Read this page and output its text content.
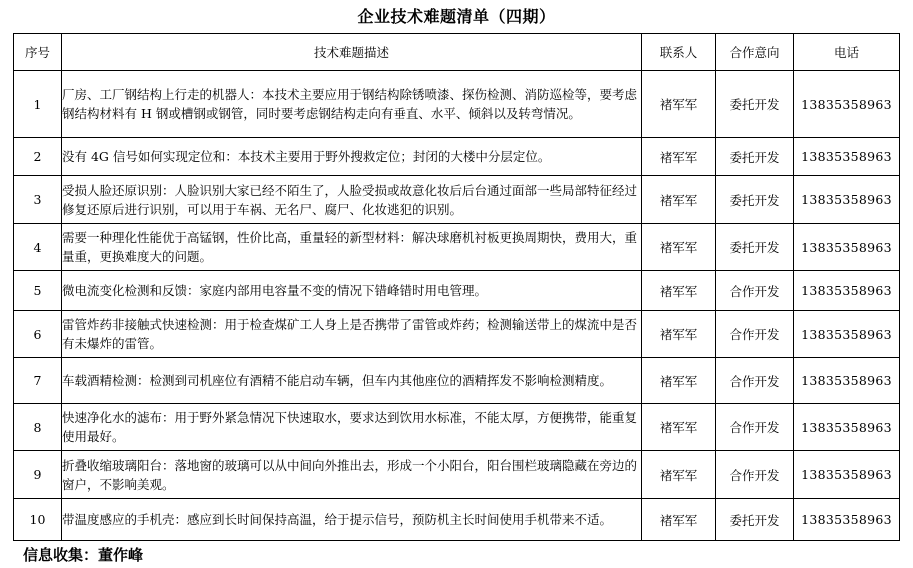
企业技术难题清单（四期）
序号	技术难题描述	联系人	合作意向	电话
1	厂房、工厂钢结构上行走的机器人：本技术主要应用于钢结构除锈喷漆、探伤检测、消防巡检等，要考虑钢结构材料有 H 钢或槽钢或钢管，同时要考虑钢结构走向有垂直、水平、倾斜以及转弯情况。	褚军军	委托开发	13835358963
2	没有 4G 信号如何实现定位和：本技术主要用于野外搜救定位；封闭的大楼中分层定位。	褚军军	委托开发	13835358963
3	受损人脸还原识别：人脸识别大家已经不陌生了，人脸受损或故意化妆后后台通过面部一些局部特征经过修复还原后进行识别，可以用于车祸、无名尸、腐尸、化妆逃犯的识别。	褚军军	委托开发	13835358963
4	需要一种理化性能优于高锰钢，性价比高，重量轻的新型材料：解决球磨机衬板更换周期快，费用大，重量重，更换难度大的问题。	褚军军	委托开发	13835358963
5	微电流变化检测和反馈：家庭内部用电容量不变的情况下错峰错时用电管理。	褚军军	合作开发	13835358963
6	雷管炸药非接触式快速检测：用于检查煤矿工人身上是否携带了雷管或炸药；检测输送带上的煤流中是否有未爆炸的雷管。	褚军军	合作开发	13835358963
7	车载酒精检测：检测到司机座位有酒精不能启动车辆，但车内其他座位的酒精挥发不影响检测精度。	褚军军	合作开发	13835358963
8	快速净化水的滤布：用于野外紧急情况下快速取水，要求达到饮用水标准，不能太厚，方便携带，能重复使用最好。	褚军军	合作开发	13835358963
9	折叠收缩玻璃阳台：落地窗的玻璃可以从中间向外推出去，形成一个小阳台，阳台围栏玻璃隐藏在旁边的窗户，不影响美观。	褚军军	合作开发	13835358963
10	带温度感应的手机壳：感应到长时间保持高温，给于提示信号，预防机主长时间使用手机带来不适。	褚军军	委托开发	13835358963
信息收集：董作峰
